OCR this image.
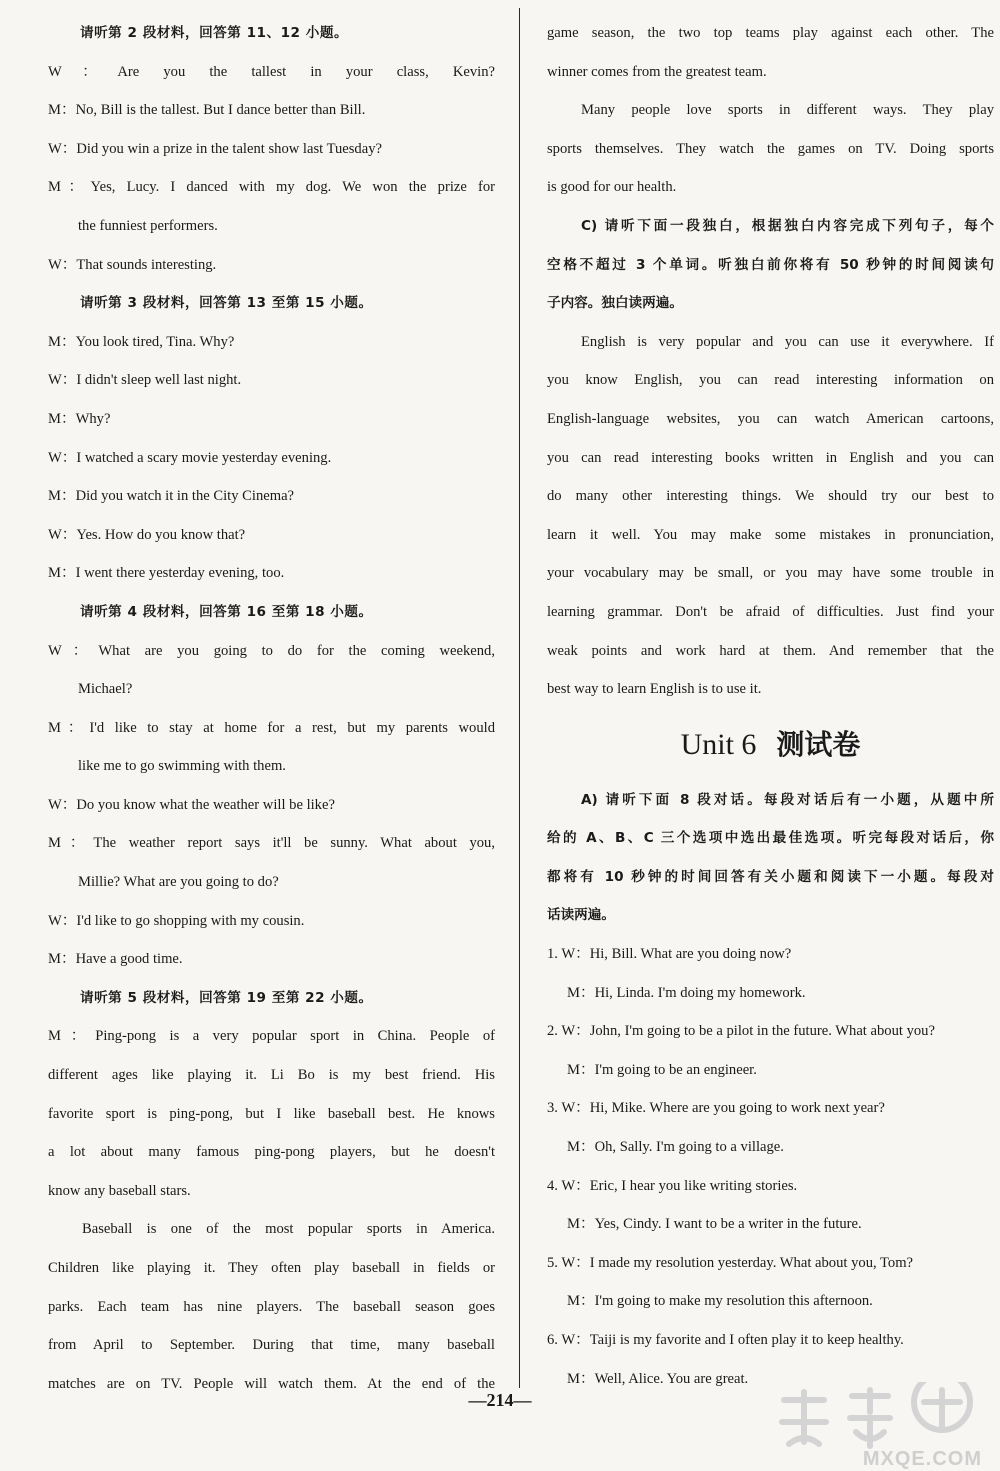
请听第 2 段材料，回答第 11、12 小题。
W：Are you the tallest in your class, Kevin?
M：No, Bill is the tallest. But I dance better than Bill.
W：Did you win a prize in the talent show last Tuesday?
M：Yes, Lucy. I danced with my dog. We won the prize for
the funniest performers.
W：That sounds interesting.
请听第 3 段材料，回答第 13 至第 15 小题。
M：You look tired, Tina. Why?
W：I didn't sleep well last night.
M：Why?
W：I watched a scary movie yesterday evening.
M：Did you watch it in the City Cinema?
W：Yes. How do you know that?
M：I went there yesterday evening, too.
请听第 4 段材料，回答第 16 至第 18 小题。
W：What are you going to do for the coming weekend,
Michael?
M：I'd like to stay at home for a rest, but my parents would
like me to go swimming with them.
W：Do you know what the weather will be like?
M：The weather report says it'll be sunny. What about you,
Millie? What are you going to do?
W：I'd like to go shopping with my cousin.
M：Have a good time.
请听第 5 段材料，回答第 19 至第 22 小题。
M：Ping-pong is a very popular sport in China. People of
different ages like playing it. Li Bo is my best friend. His
favorite sport is ping-pong, but I like baseball best. He knows
a lot about many famous ping-pong players, but he doesn't
know any baseball stars.
Baseball is one of the most popular sports in America.
Children like playing it. They often play baseball in fields or
parks. Each team has nine players. The baseball season goes
from April to September. During that time, many baseball
matches are on TV. People will watch them. At the end of the
game season, the two top teams play against each other. The
winner comes from the greatest team.
Many people love sports in different ways. They play
sports themselves. They watch the games on TV. Doing sports
is good for our health.
C) 请听下面一段独白，根据独白内容完成下列句子，每个
空格不超过 3 个单词。听独白前你将有 50 秒钟的时间阅读句
子内容。独白读两遍。
English is very popular and you can use it everywhere. If
you know English, you can read interesting information on
English-language websites, you can watch American cartoons,
you can read interesting books written in English and you can
do many other interesting things. We should try our best to
learn it well. You may make some mistakes in pronunciation,
your vocabulary may be small, or you may have some trouble in
learning grammar. Don't be afraid of difficulties. Just find your
weak points and work hard at them. And remember that the
best way to learn English is to use it.
Unit 6 测试卷
A) 请听下面 8 段对话。每段对话后有一小题，从题中所
给的 A、B、C 三个选项中选出最佳选项。听完每段对话后，你
都将有 10 秒钟的时间回答有关小题和阅读下一小题。每段对
话读两遍。
1. W：Hi, Bill. What are you doing now?
M：Hi, Linda. I'm doing my homework.
2. W：John, I'm going to be a pilot in the future. What about you?
M：I'm going to be an engineer.
3. W：Hi, Mike. Where are you going to work next year?
M：Oh, Sally. I'm going to a village.
4. W：Eric, I hear you like writing stories.
M：Yes, Cindy. I want to be a writer in the future.
5. W：I made my resolution yesterday. What about you, Tom?
M：I'm going to make my resolution this afternoon.
6. W：Taiji is my favorite and I often play it to keep healthy.
M：Well, Alice. You are great.
—214—
MXQE.COM
